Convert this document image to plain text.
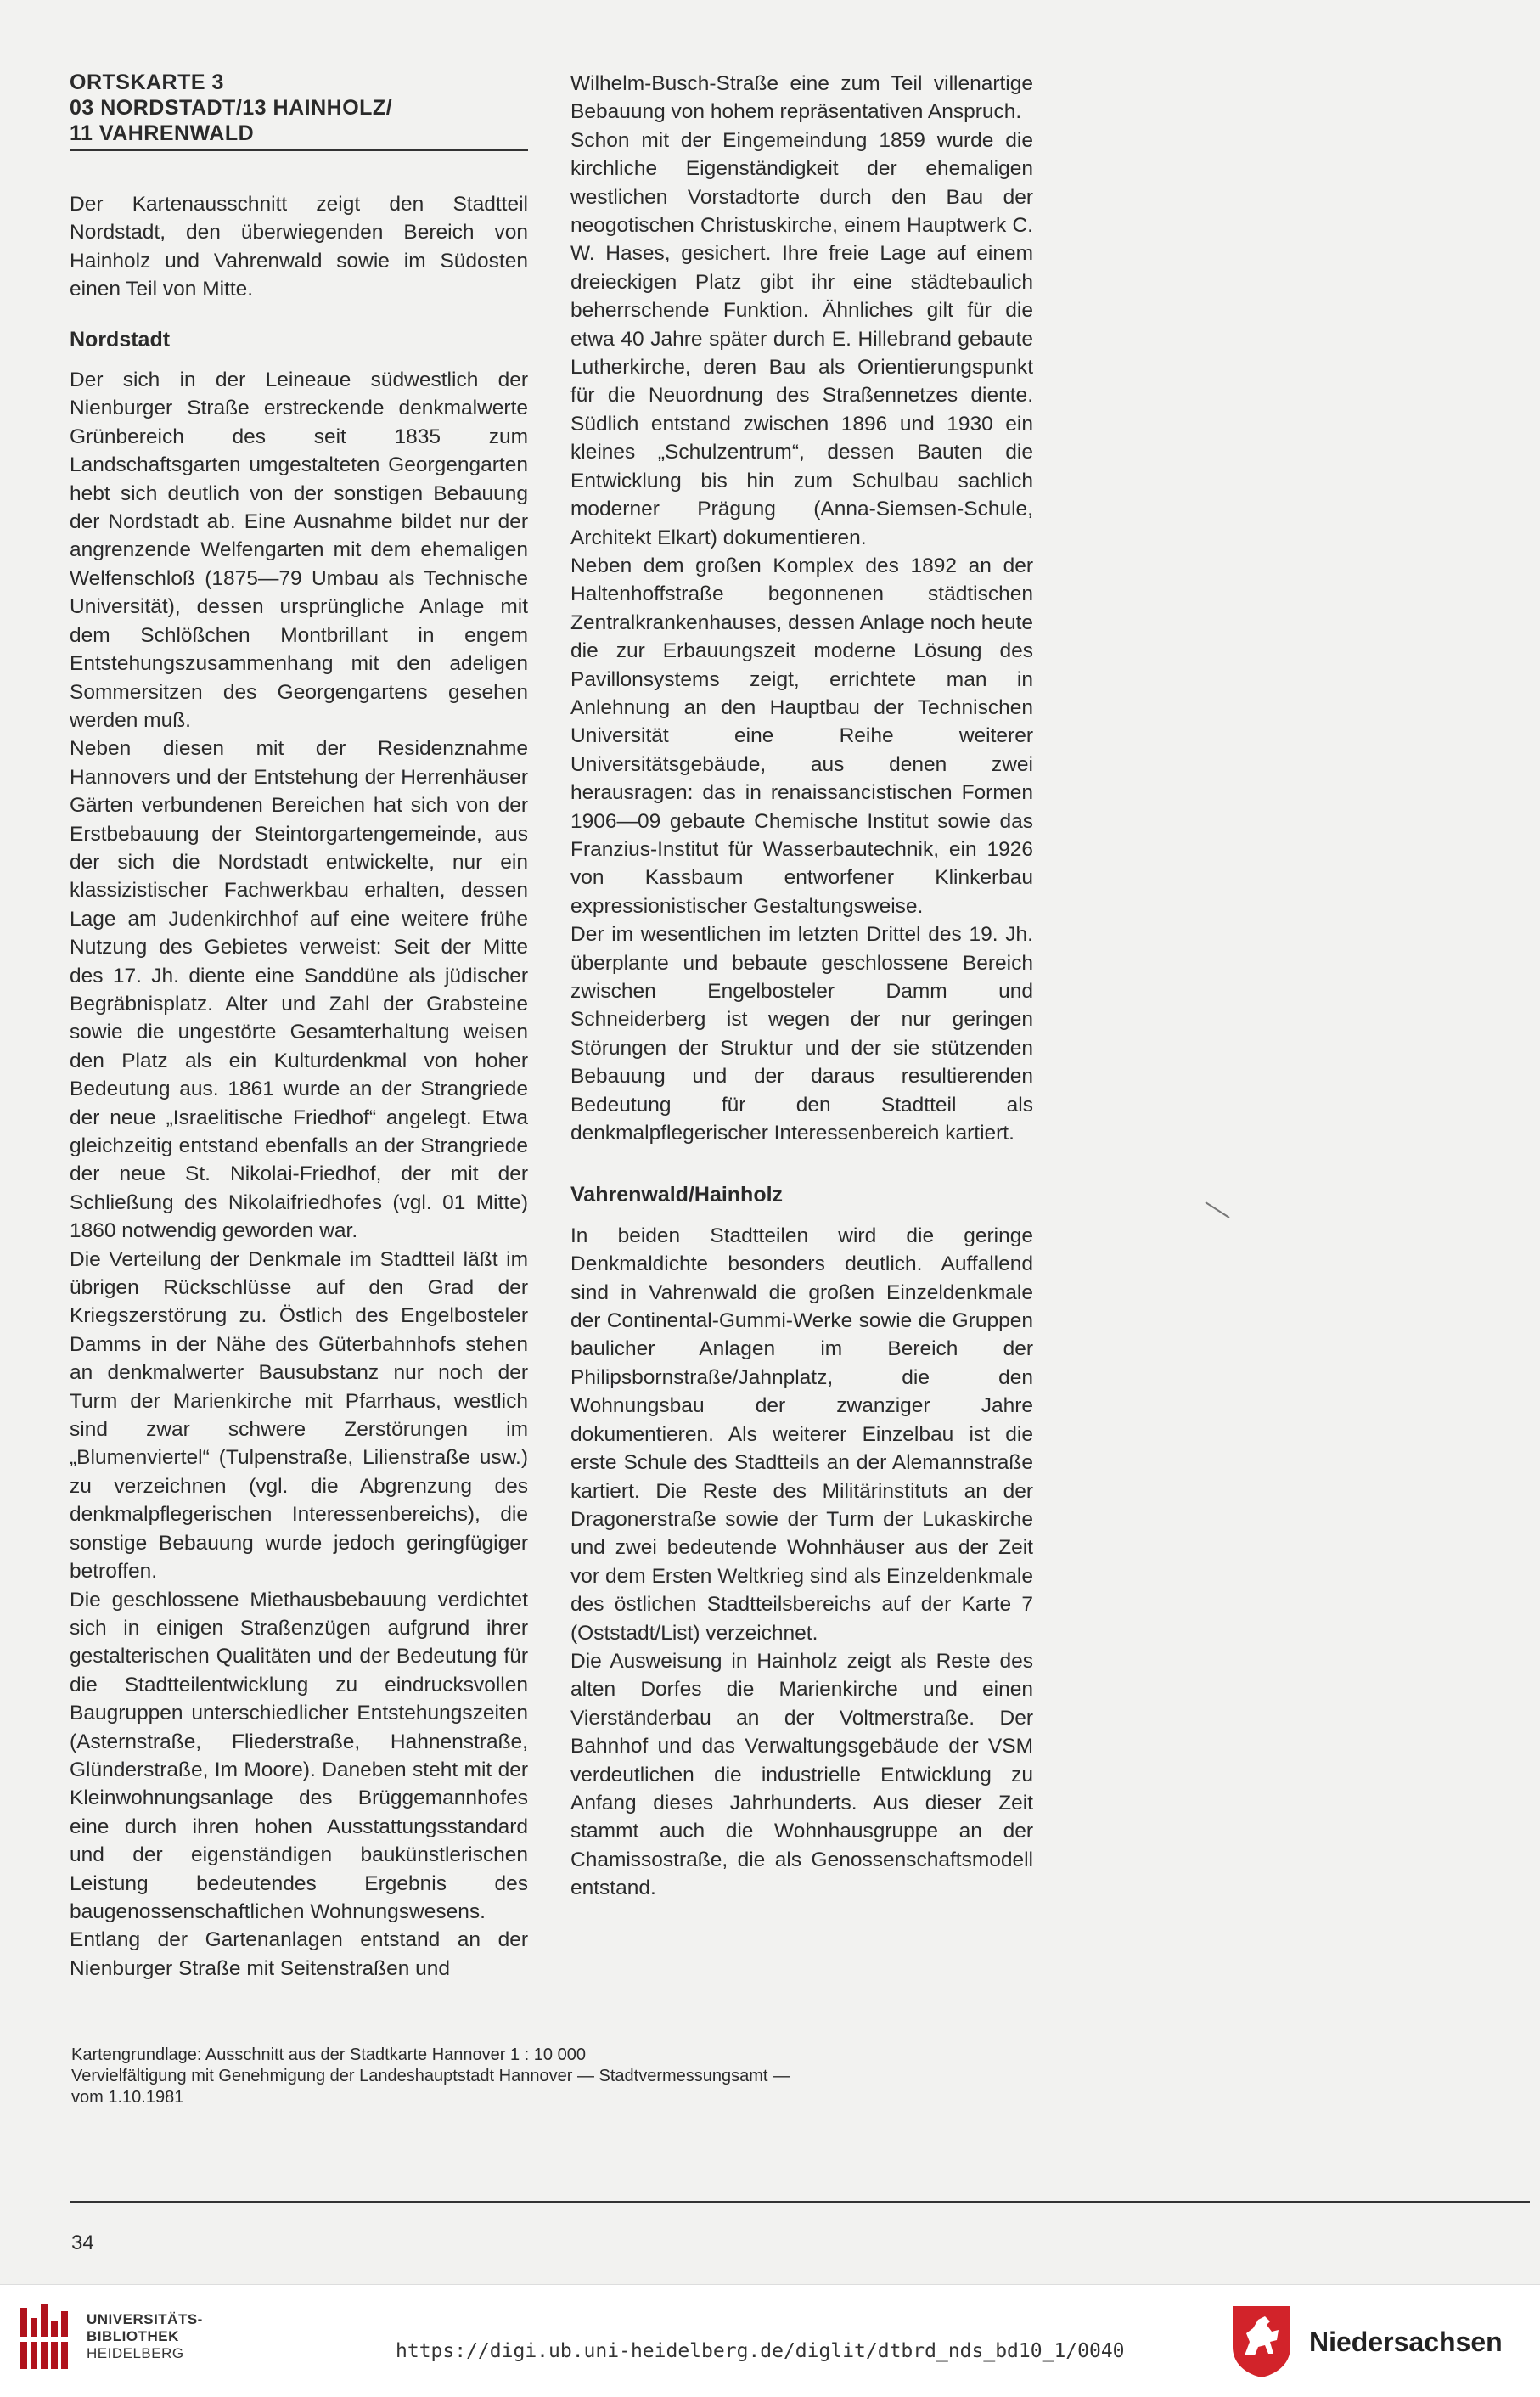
ORTSKARTE 3
03 NORDSTADT/13 HAINHOLZ/
11 VAHRENWALD

Der Kartenausschnitt zeigt den Stadtteil Nordstadt, den überwiegenden Bereich von Hainholz und Vahrenwald sowie im Südosten einen Teil von Mitte.

Nordstadt

Der sich in der Leineaue südwestlich der Nienburger Straße erstreckende denkmalwerte Grünbereich des seit 1835 zum Landschaftsgarten umgestalteten Georgengarten hebt sich deutlich von der sonstigen Bebauung der Nordstadt ab. Eine Ausnahme bildet nur der angrenzende Welfengarten mit dem ehemaligen Welfenschloß (1875—79 Umbau als Technische Universität), dessen ursprüngliche Anlage mit dem Schlößchen Montbrillant in engem Entstehungszusammenhang mit den adeligen Sommersitzen des Georgengartens gesehen werden muß.

Neben diesen mit der Residenznahme Hannovers und der Entstehung der Herrenhäuser Gärten verbundenen Bereichen hat sich von der Erstbebauung der Steintorgartengemeinde, aus der sich die Nordstadt entwickelte, nur ein klassizistischer Fachwerkbau erhalten, dessen Lage am Judenkirchhof auf eine weitere frühe Nutzung des Gebietes verweist: Seit der Mitte des 17. Jh. diente eine Sanddüne als jüdischer Begräbnisplatz. Alter und Zahl der Grabsteine sowie die ungestörte Gesamterhaltung weisen den Platz als ein Kulturdenkmal von hoher Bedeutung aus. 1861 wurde an der Strangriede der neue „Israelitische Friedhof“ angelegt. Etwa gleichzeitig entstand ebenfalls an der Strangriede der neue St. Nikolai-Friedhof, der mit der Schließung des Nikolaifriedhofes (vgl. 01 Mitte) 1860 notwendig geworden war.

Die Verteilung der Denkmale im Stadtteil läßt im übrigen Rückschlüsse auf den Grad der Kriegszerstörung zu. Östlich des Engelbosteler Damms in der Nähe des Güterbahnhofs stehen an denkmalwerter Bausubstanz nur noch der Turm der Marienkirche mit Pfarrhaus, westlich sind zwar schwere Zerstörungen im „Blumenviertel“ (Tulpenstraße, Lilienstraße usw.) zu verzeichnen (vgl. die Abgrenzung des denkmalpflegerischen Interessenbereichs), die sonstige Bebauung wurde jedoch geringfügiger betroffen.

Die geschlossene Miethausbebauung verdichtet sich in einigen Straßenzügen aufgrund ihrer gestalterischen Qualitäten und der Bedeutung für die Stadtteilentwicklung zu eindrucksvollen Baugruppen unterschiedlicher Entstehungszeiten (Asternstraße, Fliederstraße, Hahnenstraße, Glünderstraße, Im Moore). Daneben steht mit der Kleinwohnungsanlage des Brüggemannhofes eine durch ihren hohen Ausstattungsstandard und der eigenständigen baukünstlerischen Leistung bedeutendes Ergebnis des baugenossenschaftlichen Wohnungswesens.

Entlang der Gartenanlagen entstand an der Nienburger Straße mit Seitenstraßen und

Wilhelm-Busch-Straße eine zum Teil villenartige Bebauung von hohem repräsentativen Anspruch.

Schon mit der Eingemeindung 1859 wurde die kirchliche Eigenständigkeit der ehemaligen westlichen Vorstadtorte durch den Bau der neogotischen Christuskirche, einem Hauptwerk C. W. Hases, gesichert. Ihre freie Lage auf einem dreieckigen Platz gibt ihr eine städtebaulich beherrschende Funktion. Ähnliches gilt für die etwa 40 Jahre später durch E. Hillebrand gebaute Lutherkirche, deren Bau als Orientierungspunkt für die Neuordnung des Straßennetzes diente. Südlich entstand zwischen 1896 und 1930 ein kleines „Schulzentrum“, dessen Bauten die Entwicklung bis hin zum Schulbau sachlich moderner Prägung (Anna-Siemsen-Schule, Architekt Elkart) dokumentieren.

Neben dem großen Komplex des 1892 an der Haltenhoffstraße begonnenen städtischen Zentralkrankenhauses, dessen Anlage noch heute die zur Erbauungszeit moderne Lösung des Pavillonsystems zeigt, errichtete man in Anlehnung an den Hauptbau der Technischen Universität eine Reihe weiterer Universitätsgebäude, aus denen zwei herausragen: das in renaissancistischen Formen 1906—09 gebaute Chemische Institut sowie das Franzius-Institut für Wasserbautechnik, ein 1926 von Kassbaum entworfener Klinkerbau expressionistischer Gestaltungsweise.

Der im wesentlichen im letzten Drittel des 19. Jh. überplante und bebaute geschlossene Bereich zwischen Engelbosteler Damm und Schneiderberg ist wegen der nur geringen Störungen der Struktur und der sie stützenden Bebauung und der daraus resultierenden Bedeutung für den Stadtteil als denkmalpflegerischer Interessenbereich kartiert.

Vahrenwald/Hainholz

In beiden Stadtteilen wird die geringe Denkmaldichte besonders deutlich. Auffallend sind in Vahrenwald die großen Einzeldenkmale der Continental-Gummi-Werke sowie die Gruppen baulicher Anlagen im Bereich der Philipsbornstraße/Jahnplatz, die den Wohnungsbau der zwanziger Jahre dokumentieren. Als weiterer Einzelbau ist die erste Schule des Stadtteils an der Alemannstraße kartiert. Die Reste des Militärinstituts an der Dragonerstraße sowie der Turm der Lukaskirche und zwei bedeutende Wohnhäuser aus der Zeit vor dem Ersten Weltkrieg sind als Einzeldenkmale des östlichen Stadtteilsbereichs auf der Karte 7 (Oststadt/List) verzeichnet.

Die Ausweisung in Hainholz zeigt als Reste des alten Dorfes die Marienkirche und einen Vierständerbau an der Voltmerstraße. Der Bahnhof und das Verwaltungsgebäude der VSM verdeutlichen die industrielle Entwicklung zu Anfang dieses Jahrhunderts. Aus dieser Zeit stammt auch die Wohnhausgruppe an der Chamissostraße, die als Genossenschaftsmodell entstand.

Kartengrundlage: Ausschnitt aus der Stadtkarte Hannover 1 : 10 000
Vervielfältigung mit Genehmigung der Landeshauptstadt Hannover — Stadtvermessungsamt —
vom 1.10.1981
34
UNIVERSITÄTS-
BIBLIOTHEK
HEIDELBERG	https://digi.ub.uni-heidelberg.de/diglit/dtbrd_nds_bd10_1/0040	Niedersachsen
